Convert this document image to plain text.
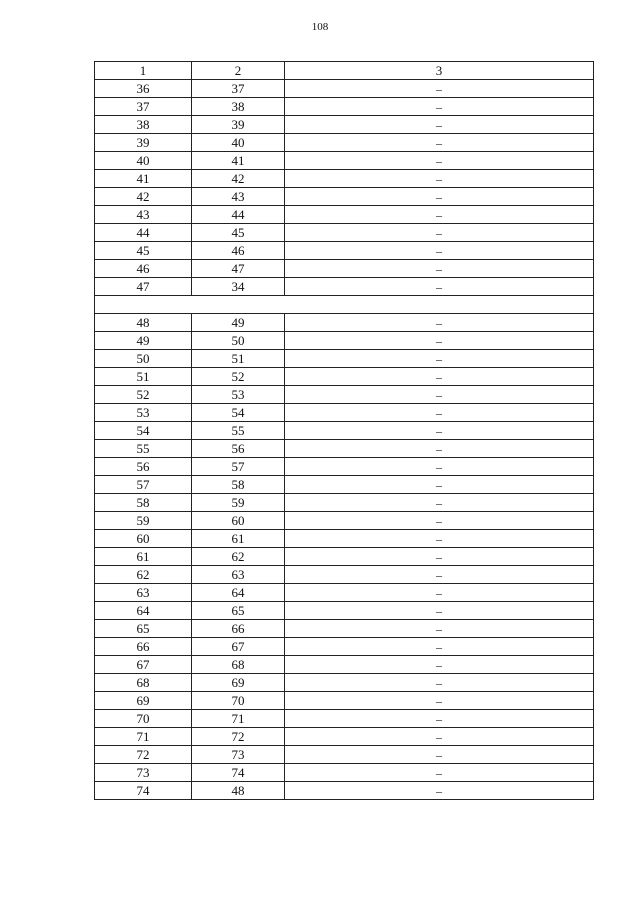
108
1	2	3
36	37	–
37	38	–
38	39	–
39	40	–
40	41	–
41	42	–
42	43	–
43	44	–
44	45	–
45	46	–
46	47	–
47	34	–

48	49	–
49	50	–
50	51	–
51	52	–
52	53	–
53	54	–
54	55	–
55	56	–
56	57	–
57	58	–
58	59	–
59	60	–
60	61	–
61	62	–
62	63	–
63	64	–
64	65	–
65	66	–
66	67	–
67	68	–
68	69	–
69	70	–
70	71	–
71	72	–
72	73	–
73	74	–
74	48	–
